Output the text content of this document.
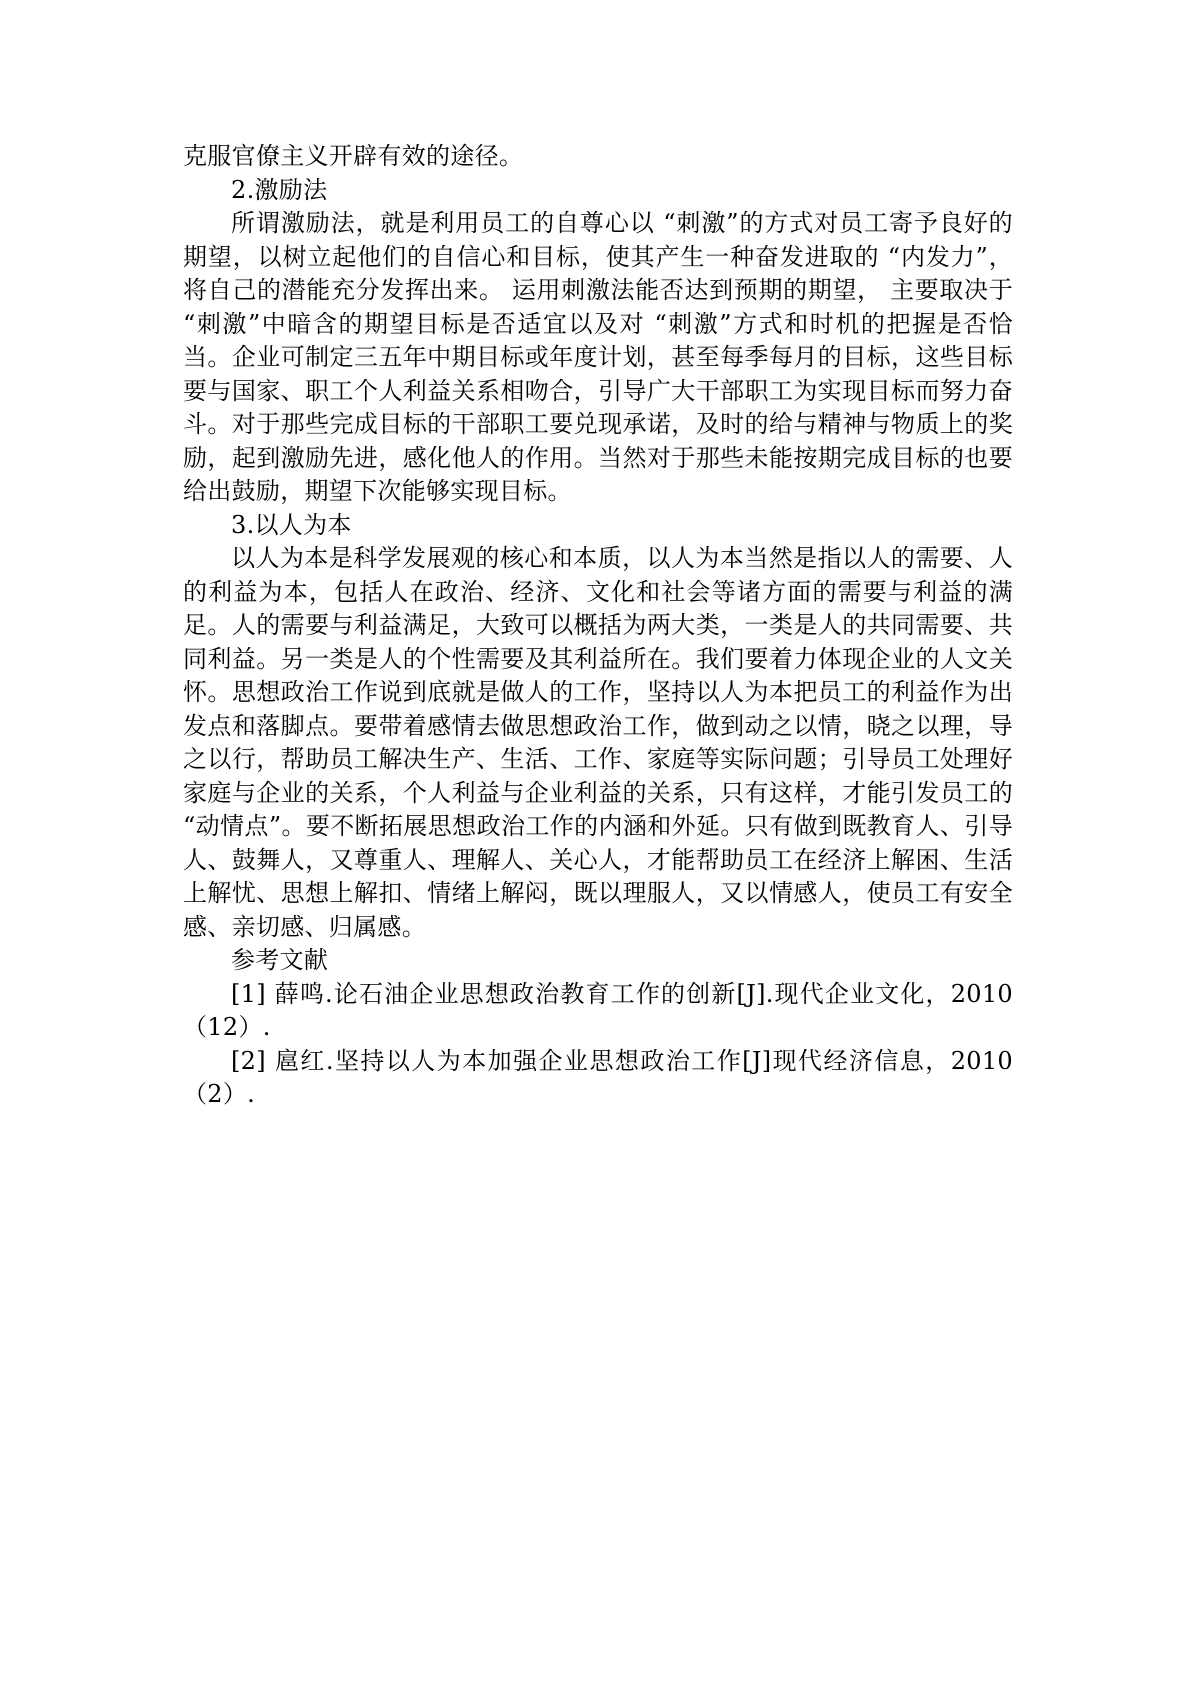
克服官僚主义开辟有效的途径。

2.激励法

所谓激励法，就是利用员工的自尊心以 “刺激”的方式对员工寄予良好的期望，以树立起他们的自信心和目标，使其产生一种奋发进取的 “内发力”，将自己的潜能充分发挥出来。 运用刺激法能否达到预期的期望， 主要取决于 “刺激”中暗含的期望目标是否适宜以及对 “刺激”方式和时机的把握是否恰当。企业可制定三五年中期目标或年度计划，甚至每季每月的目标，这些目标要与国家、职工个人利益关系相吻合，引导广大干部职工为实现目标而努力奋斗。对于那些完成目标的干部职工要兑现承诺，及时的给与精神与物质上的奖励，起到激励先进，感化他人的作用。当然对于那些未能按期完成目标的也要给出鼓励，期望下次能够实现目标。

3.以人为本

以人为本是科学发展观的核心和本质，以人为本当然是指以人的需要、人的利益为本，包括人在政治、经济、文化和社会等诸方面的需要与利益的满足。人的需要与利益满足，大致可以概括为两大类，一类是人的共同需要、共同利益。另一类是人的个性需要及其利益所在。我们要着力体现企业的人文关怀。思想政治工作说到底就是做人的工作，坚持以人为本把员工的利益作为出发点和落脚点。要带着感情去做思想政治工作，做到动之以情，晓之以理，导之以行，帮助员工解决生产、生活、工作、家庭等实际问题；引导员工处理好家庭与企业的关系，个人利益与企业利益的关系，只有这样，才能引发员工的 “动情点”。要不断拓展思想政治工作的内涵和外延。只有做到既教育人、引导人、鼓舞人，又尊重人、理解人、关心人，才能帮助员工在经济上解困、生活上解忧、思想上解扣、情绪上解闷，既以理服人，又以情感人，使员工有安全感、亲切感、归属感。

参考文献

[1] 薛鸣.论石油企业思想政治教育工作的创新[J].现代企业文化，2010（12）.

[2] 扈红.坚持以人为本加强企业思想政治工作[J]现代经济信息，2010（2）.
